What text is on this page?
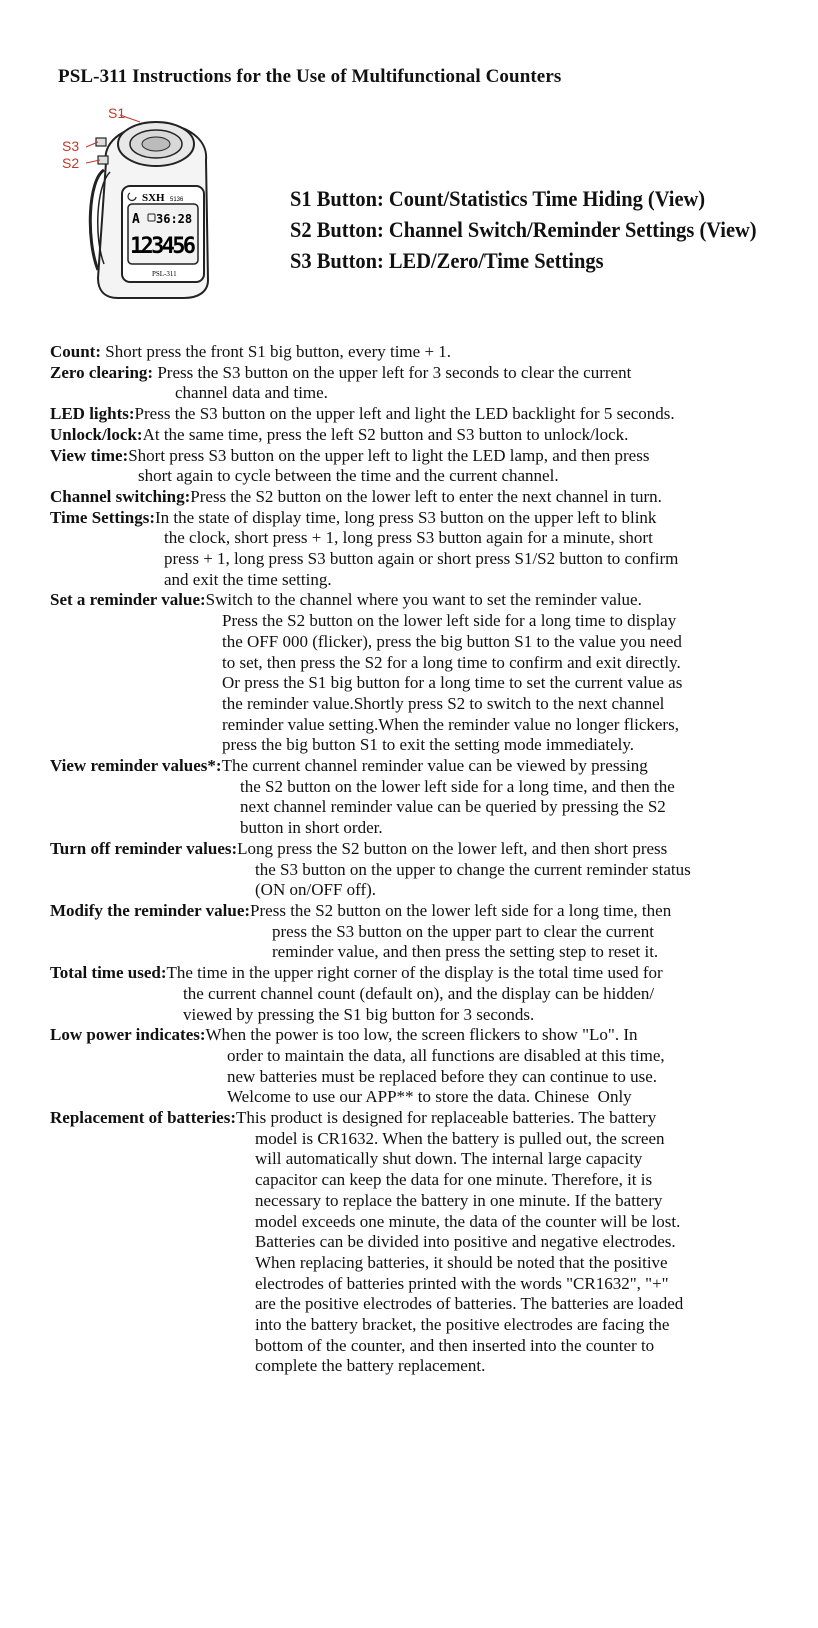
PSL-311 Instructions for the Use of Multifunctional Counters
S1
S3
S2
SXH 5136
A 36:28
123456
PSL-311
S1 Button: Count/Statistics Time Hiding (View)
S2 Button: Channel Switch/Reminder Settings (View)
S3 Button: LED/Zero/Time Settings
Count: Short press the front S1 big button, every time + 1.
Zero clearing: Press the S3 button on the upper left for 3 seconds to clear the current
channel data and time.
LED lights:Press the S3 button on the upper left and light the LED backlight for 5 seconds.
Unlock/lock:At the same time, press the left S2 button and S3 button to unlock/lock.
View time:Short press S3 button on the upper left to light the LED lamp, and then press
short again to cycle between the time and the current channel.
Channel switching:Press the S2 button on the lower left to enter the next channel in turn.
Time Settings:In the state of display time, long press S3 button on the upper left to blink
the clock, short press + 1, long press S3 button again for a minute, short
press + 1, long press S3 button again or short press S1/S2 button to confirm
and exit the time setting.
Set a reminder value:Switch to the channel where you want to set the reminder value.
Press the S2 button on the lower left side for a long time to display
the OFF 000 (flicker), press the big button S1 to the value you need
to set, then press the S2 for a long time to confirm and exit directly.
Or press the S1 big button for a long time to set the current value as
the reminder value.Shortly press S2 to switch to the next channel
reminder value setting.When the reminder value no longer flickers,
press the big button S1 to exit the setting mode immediately.
View reminder values*:The current channel reminder value can be viewed by pressing
the S2 button on the lower left side for a long time, and then the
next channel reminder value can be queried by pressing the S2
button in short order.
Turn off reminder values:Long press the S2 button on the lower left, and then short press
the S3 button on the upper to change the current reminder status
(ON on/OFF off).
Modify the reminder value:Press the S2 button on the lower left side for a long time, then
press the S3 button on the upper part to clear the current
reminder value, and then press the setting step to reset it.
Total time used:The time in the upper right corner of the display is the total time used for
the current channel count (default on), and the display can be hidden/
viewed by pressing the S1 big button for 3 seconds.
Low power indicates:When the power is too low, the screen flickers to show "Lo". In
order to maintain the data, all functions are disabled at this time,
new batteries must be replaced before they can continue to use.
Welcome to use our APP** to store the data. Chinese  Only
Replacement of batteries:This product is designed for replaceable batteries. The battery
model is CR1632. When the battery is pulled out, the screen
will automatically shut down. The internal large capacity
capacitor can keep the data for one minute. Therefore, it is
necessary to replace the battery in one minute. If the battery
model exceeds one minute, the data of the counter will be lost.
Batteries can be divided into positive and negative electrodes.
When replacing batteries, it should be noted that the positive
electrodes of batteries printed with the words "CR1632", "+"
are the positive electrodes of batteries. The batteries are loaded
into the battery bracket, the positive electrodes are facing the
bottom of the counter, and then inserted into the counter to
complete the battery replacement.
